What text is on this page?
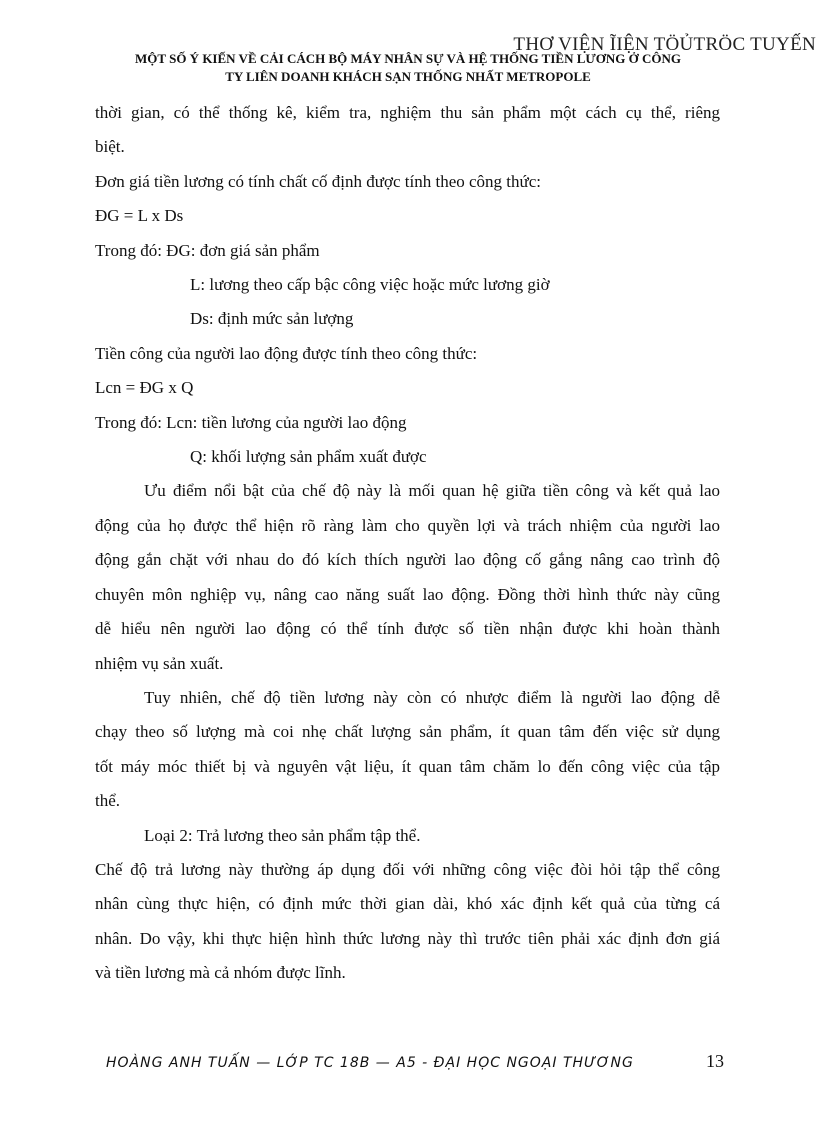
THƠ VIỆN ĨIỆN TÖỦTRÖC TUYẾN
MỘT SỐ Ý KIẾN VỀ CẢI CÁCH BỘ MÁY NHÂN SỰ VÀ HỆ THỐNG TIỀN LƯƠNG Ở CÔNG
TY LIÊN DOANH KHÁCH SẠN THỐNG NHẤT METROPOLE

thời gian, có thể thống kê, kiểm tra, nghiệm thu sản phẩm một cách cụ thể, riêng

biệt.

Đơn giá tiền lương có tính chất cố định được tính theo công thức:

ĐG = L x Ds

Trong đó: ĐG: đơn giá sản phẩm

L: lương theo cấp bậc công việc hoặc mức lương giờ

Ds: định mức sản lượng

Tiền công của người lao động được tính theo công thức:

Lcn = ĐG x Q

Trong đó: Lcn: tiền lương của người lao động

Q: khối lượng sản phẩm xuất được

Ưu điểm nổi bật của chế độ này là mối quan hệ giữa tiền công và kết quả lao

động của họ được thể hiện rõ ràng làm cho quyền lợi và trách nhiệm của người lao

động gắn chặt với nhau do đó kích thích người lao động cố gắng nâng cao trình độ

chuyên môn nghiệp vụ, nâng cao năng suất lao động. Đồng thời hình thức này cũng

dễ hiểu nên người lao động có thể tính được số tiền nhận được khi hoàn thành

nhiệm vụ sản xuất.

Tuy nhiên, chế độ tiền lương này còn có nhược điểm là người lao động dễ

chạy theo số lượng mà coi nhẹ chất lượng sản phẩm, ít quan tâm đến việc sử dụng

tốt máy móc thiết bị và nguyên vật liệu, ít quan tâm chăm lo đến công việc của tập

thể.

Loại 2: Trả lương theo sản phẩm tập thể.

Chế độ trả lương này thường áp dụng đối với những công việc đòi hỏi tập thể công

nhân cùng thực hiện, có định mức thời gian dài, khó xác định kết quả của từng cá

nhân. Do vậy, khi thực hiện hình thức lương này thì trước tiên phải xác định đơn giá

và tiền lương mà cả nhóm được lĩnh.

HOÀNG ANH TUẤN — LỚP TC 18B — A5 - ĐẠI HỌC NGOẠI THƯƠNG	13
